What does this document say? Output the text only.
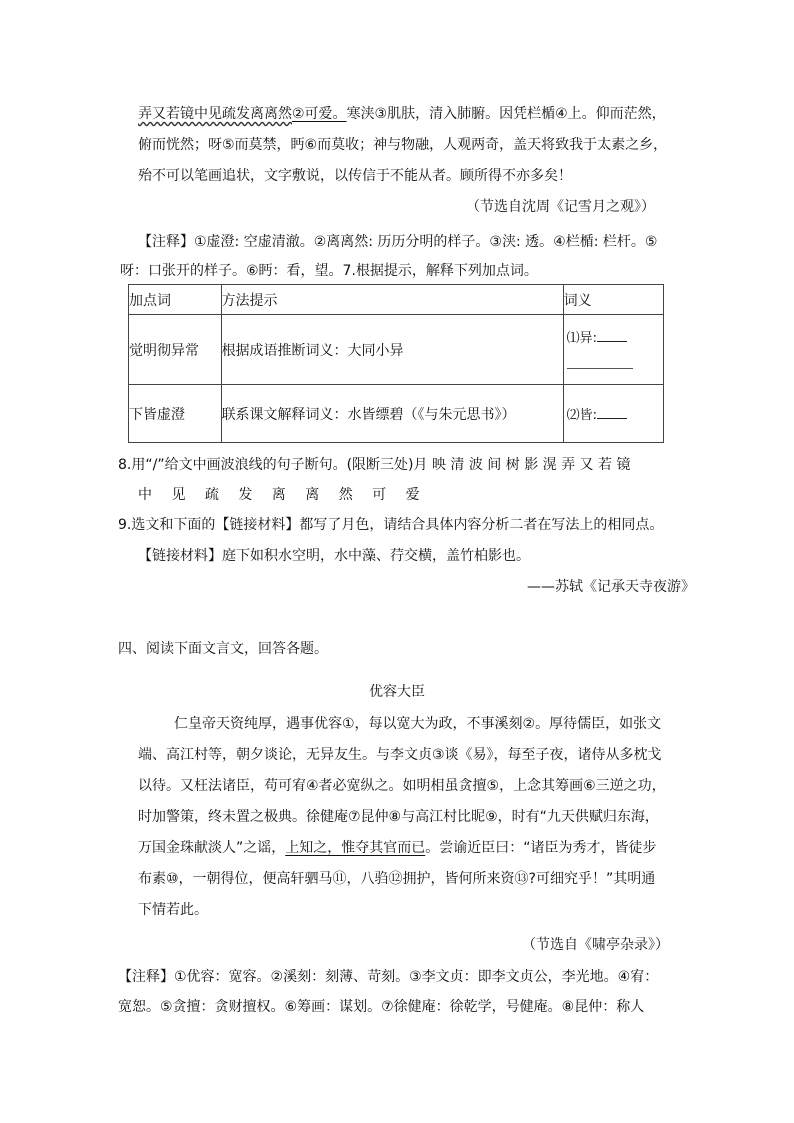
弄又若镜中见疏发离离然②可爱。寒浃③肌肤，清入肺腑。因凭栏楯④上。仰而茫然，
俯而恍然；呀⑤而莫禁，眄⑥而莫收；神与物融，人观两奇，盖天将致我于太素之乡，
殆不可以笔画追状，文字敷说，以传信于不能从者。顾所得不亦多矣！
（节选自沈周《记雪月之观》）
【注释】①虚澄: 空虚清澈。②离离然: 历历分明的样子。③浃: 透。④栏楯: 栏杆。⑤
呀：口张开的样子。⑥眄：看，望。7.根据提示，解释下列加点词。
加点词	方法提示	词义
觉明彻异常	根据成语推断词义：大同小异	⑴异:

下皆虚澄	联系课文解释词义：水皆缥碧（《与朱元思书》）	⑵皆:
8.用“/”给文中画波浪线的句子断句。(限断三处)月 映 清 波 间 树 影 滉 弄 又 若 镜
中 见 疏 发 离 离 然 可 爱
9.选文和下面的【链接材料】都写了月色，请结合具体内容分析二者在写法上的相同点。
【链接材料】庭下如积水空明，水中藻、荇交横，盖竹柏影也。
——苏轼《记承天寺夜游》
四、阅读下面文言文，回答各题。
优容大臣
仁皇帝天资纯厚，遇事优容①，每以宽大为政，不事溪刻②。厚待儒臣，如张文
端、高江村等，朝夕谈论，无异友生。与李文贞③谈《易》，每至子夜，诸侍从多枕戈
以待。又枉法诸臣，苟可宥④者必宽纵之。如明相虽贪擅⑤，上念其筹画⑥三逆之功，
时加警策，终未置之极典。徐健庵⑦昆仲⑧与高江村比昵⑨，时有“九天供赋归东海，
万国金珠献淡人”之谣，上知之，惟夺其官而已。尝谕近臣曰：“诸臣为秀才，皆徒步
布素⑩，一朝得位，便高轩驷马⑪，八驺⑫拥护，皆何所来资⑬?可细究乎！”其明通
下情若此。
（节选自《啸亭杂录》）
【注释】①优容：宽容。②溪刻：刻薄、苛刻。③李文贞：即李文贞公，李光地。④宥：
宽恕。⑤贪擅：贪财擅权。⑥筹画：谋划。⑦徐健庵：徐乾学，号健庵。⑧昆仲：称人
